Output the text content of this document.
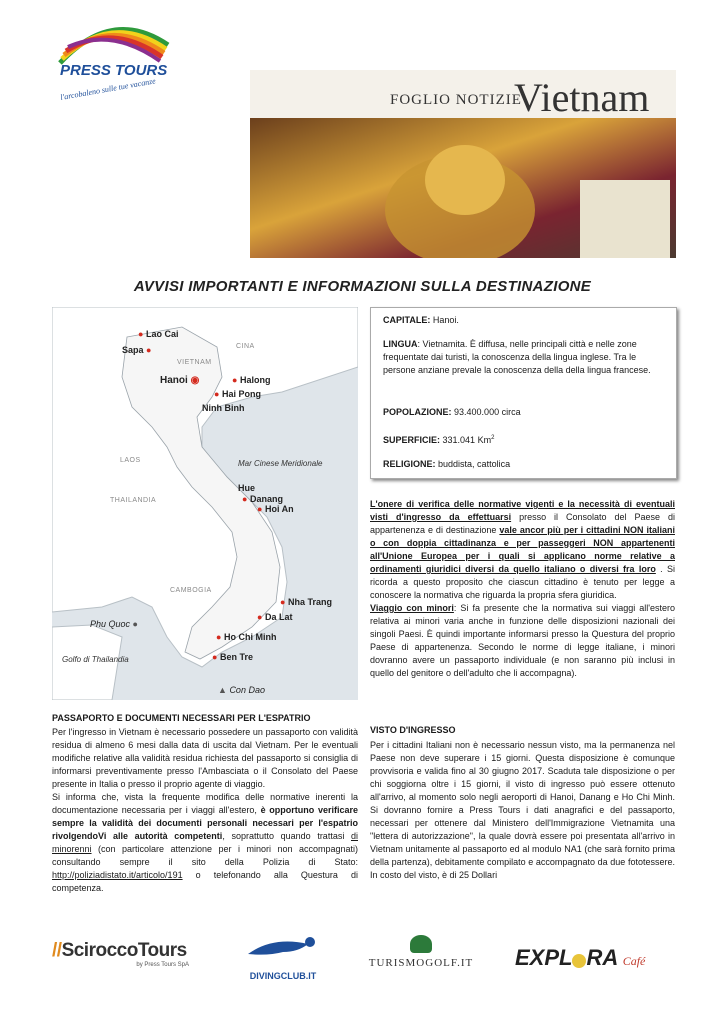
PRESS TOURS
l'arcobaleno sulle tue vacanze	FOGLIO NOTIZIE
Vietnam
AVVISI IMPORTANTI E INFORMAZIONI SULLA DESTINAZIONE
VIETNAM
CINA
LAOS
THAILANDIA
CAMBOGIA
Mar Cinese Meridionale
Golfo di Thailandia
● Lao Cai
Sapa ●
Hanoi ◉	● Halong
● Hai Pong
Ninh Binh
Hue
● Danang
● Hoi An
● Nha Trang
● Da Lat
● Ho Chi Minh
● Ben Tre
Phu Quoc ●
▲ Con Dao
CAPITALE: Hanoi.
LINGUA: Vietnamita. È diffusa, nelle principali città e nelle zone frequentate dai turisti, la conoscenza della lingua inglese. Tra le persone anziane prevale la conoscenza della della lingua francese.
POPOLAZIONE: 93.400.000 circa
SUPERFICIE: 331.041 Km$^2$
RELIGIONE: buddista, cattolica
L'onere di verifica delle normative vigenti e la necessità di eventuali visti d'ingresso da effettuarsi presso il Consolato del Paese di appartenenza e di destinazione vale ancor più per i cittadini NON italiani o con doppia cittadinanza e per passeggeri NON appartenenti all'Unione Europea per i quali si applicano norme relative a ordinamenti giuridici diversi da quello italiano o diversi fra loro . Si ricorda a questo proposito che ciascun cittadino è tenuto per legge a conoscere la normativa che riguarda la propria sfera giuridica.
Viaggio con minori: Si fa presente che la normativa sui viaggi all'estero relativa ai minori varia anche in funzione delle disposizioni nazionali dei singoli Paesi. È quindi importante informarsi presso la Questura del proprio Paese di appartenenza. Secondo le norme di legge italiane, i minori dovranno avere un passaporto individuale (e non saranno più inclusi in quello del genitore o dell'adulto che li accompagna).
VISTO D'INGRESSO
Per i cittadini Italiani non è necessario nessun visto, ma la permanenza nel Paese non deve superare i 15 giorni. Questa disposizione è comunque provvisoria e valida fino al 30 giugno 2017. Scaduta tale disposizione o per chi soggiorna oltre i 15 giorni, il visto di ingresso può essere ottenuto all'arrivo, al momento solo negli aeroporti di Hanoi, Danang e Ho Chi Minh. Si dovranno fornire a Press Tours i dati anagrafici e del passaporto, necessari per ottenere dal Ministero dell'Immigrazione Vietnamita una "lettera di autorizzazione", la quale dovrà essere poi presentata all'arrivo in Vietnam unitamente al passaporto ed al modulo NA1 (che sarà fornito prima della partenza), debitamente compilato e accompagnato da due fototessere. In costo del visto, è di 25 Dollari
PASSAPORTO E DOCUMENTI NECESSARI PER L'ESPATRIO
Per l'ingresso in Vietnam è necessario possedere un passaporto con validità residua di almeno 6 mesi dalla data di uscita dal Vietnam. Per le eventuali modifiche relative alla validità residua richiesta del passaporto si consiglia di informarsi preventivamente presso l'Ambasciata o il Consolato del Paese presente in Italia o presso il proprio agente di viaggio.
Si informa che, vista la frequente modifica delle normative inerenti la documentazione necessaria per i viaggi all'estero, è opportuno verificare sempre la validità dei documenti personali necessari per l'espatrio rivolgendoVi alle autorità competenti, soprattutto quando trattasi di minorenni (con particolare attenzione per i minori non accompagnati) consultando sempre il sito della Polizia di Stato: http://poliziadistato.it/articolo/191 o telefonando alla Questura di competenza.
//SciroccoTours
by Press Tours SpA
DIVINGCLUB.IT
TURISMOGOLF.IT EXPL RA Café
